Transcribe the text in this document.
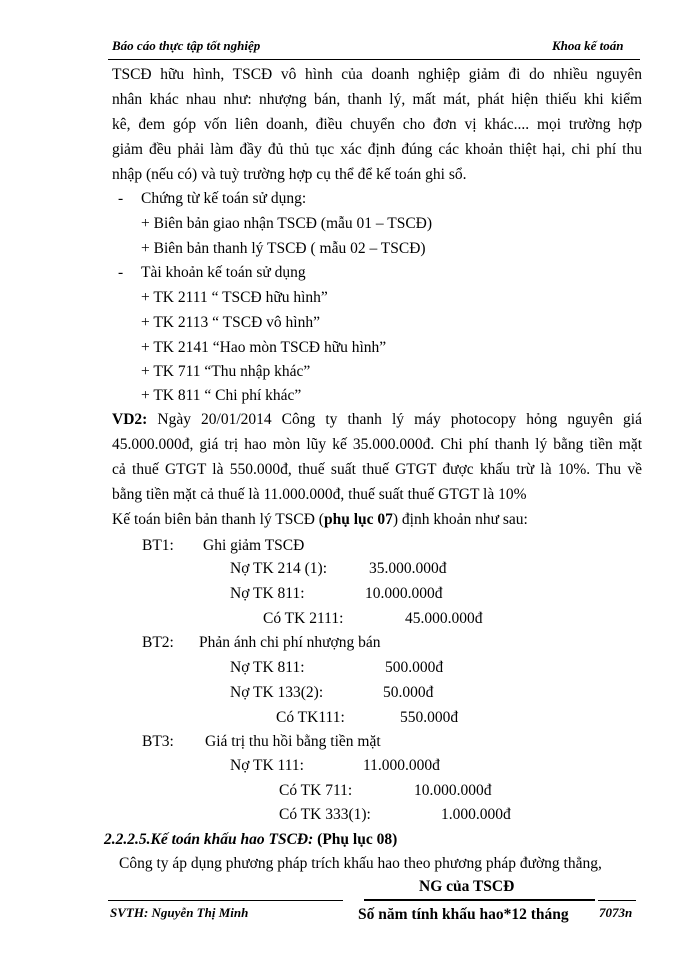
Báo cáo thực tập tốt nghiệp	Khoa kế toán
TSCĐ hữu hình, TSCĐ vô hình của doanh nghiệp giảm đi do nhiều nguyên
nhân khác nhau như: nhượng bán, thanh lý, mất mát, phát hiện thiếu khi kiểm
kê, đem góp vốn liên doanh, điều chuyển cho đơn vị khác.... mọi trường hợp
giảm đều phải làm đầy đủ thủ tục xác định đúng các khoản thiệt hại, chi phí thu
nhập (nếu có) và tuỳ trường hợp cụ thể để kế toán ghi sổ.
- Chứng từ kế toán sử dụng:
+ Biên bản giao nhận TSCĐ (mẫu 01 – TSCĐ)
+ Biên bản thanh lý TSCĐ ( mẫu 02 – TSCĐ)
- Tài khoản kế toán sử dụng
+ TK 2111 “ TSCĐ hữu hình”
+ TK 2113 “ TSCĐ vô hình”
+ TK 2141 “Hao mòn TSCĐ hữu hình”
+ TK 711 “Thu nhập khác”
+ TK 811 “ Chi phí khác”
VD2: Ngày 20/01/2014 Công ty thanh lý máy photocopy hỏng nguyên giá
45.000.000đ, giá trị hao mòn lũy kế 35.000.000đ. Chi phí thanh lý bằng tiền mặt
cả thuế GTGT là 550.000đ, thuế suất thuế GTGT được khấu trừ là 10%. Thu về
bằng tiền mặt cả thuế là 11.000.000đ, thuế suất thuế GTGT là 10%
Kế toán biên bản thanh lý TSCĐ (phụ lục 07) định khoản như sau:
BT1: Ghi giảm TSCĐ
Nợ TK 214 (1):	35.000.000đ
Nợ TK 811:	10.000.000đ
Có TK 2111:	45.000.000đ
BT2: Phản ánh chi phí nhượng bán
Nợ TK 811:	500.000đ
Nợ TK 133(2):	50.000đ
Có TK111:	550.000đ
BT3: Giá trị thu hồi bằng tiền mặt
Nợ TK 111:	11.000.000đ
Có TK 711:	10.000.000đ
Có TK 333(1):	1.000.000đ
2.2.2.5.Kế toán khấu hao TSCĐ: (Phụ lục 08)
Công ty áp dụng phương pháp trích khấu hao theo phương pháp đường thẳng,
NG của TSCĐ
SVTH: Nguyễn Thị Minh	Số năm tính khấu hao*12 tháng 7073n
